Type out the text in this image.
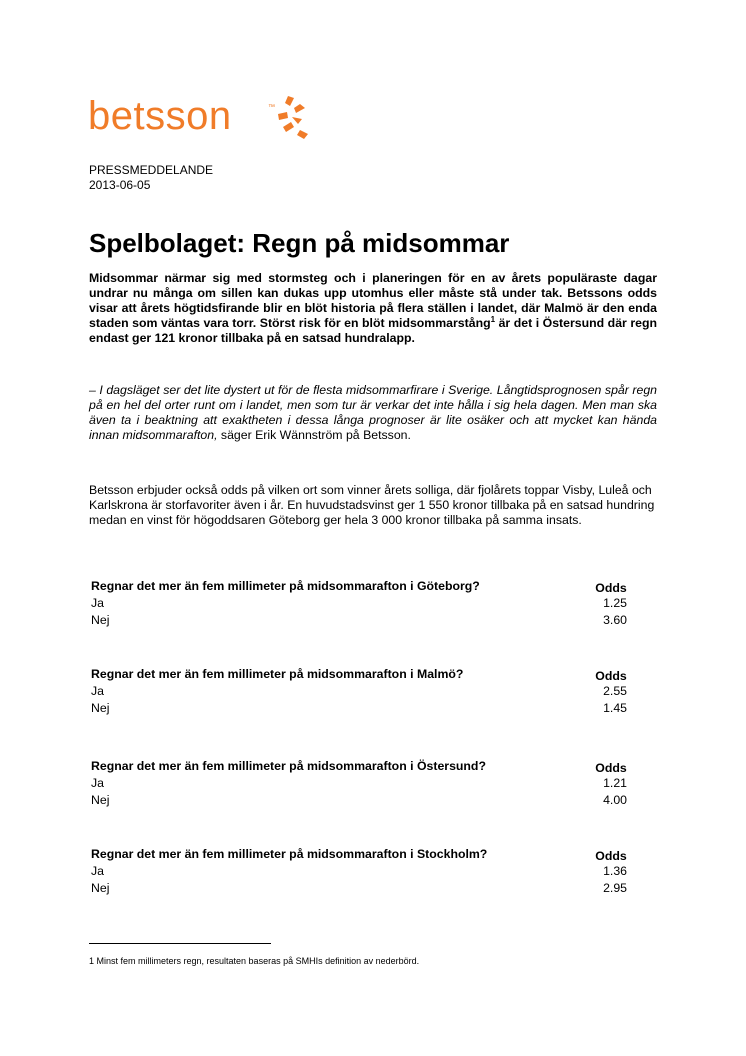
betsson	™
PRESSMEDDELANDE
2013-06-05
Spelbolaget: Regn på midsommar

Midsommar närmar sig med stormsteg och i planeringen för en av årets populäraste dagar undrar nu många om sillen kan dukas upp utomhus eller måste stå under tak. Betssons odds visar att årets högtidsfirande blir en blöt historia på flera ställen i landet, där Malmö är den enda staden som väntas vara torr. Störst risk för en blöt midsommarstång$^1$ är det i Östersund där regn endast ger 121 kronor tillbaka på en satsad hundralapp.

– I dagsläget ser det lite dystert ut för de flesta midsommarfirare i Sverige. Långtidsprognosen spår regn på en hel del orter runt om i landet, men som tur är verkar det inte hålla i sig hela dagen. Men man ska även ta i beaktning att exaktheten i dessa långa prognoser är lite osäker och att mycket kan hända innan midsommarafton, säger Erik Wännström på Betsson.

Betsson erbjuder också odds på vilken ort som vinner årets solliga, där fjolårets toppar Visby, Luleå och Karlskrona är storfavoriter även i år. En huvudstadsvinst ger 1 550 kronor tillbaka på en satsad hundring medan en vinst för högoddsaren Göteborg ger hela 3 000 kronor tillbaka på samma insats.

Regnar det mer än fem millimeter på midsommarafton i Göteborg?	Odds
Ja	1.25
Nej	3.60
Regnar det mer än fem millimeter på midsommarafton i Malmö?	Odds
Ja	2.55
Nej	1.45
Regnar det mer än fem millimeter på midsommarafton i Östersund?	Odds
Ja	1.21
Nej	4.00
Regnar det mer än fem millimeter på midsommarafton i Stockholm?	Odds
Ja	1.36
Nej	2.95
1 Minst fem millimeters regn, resultaten baseras på SMHIs definition av nederbörd.
